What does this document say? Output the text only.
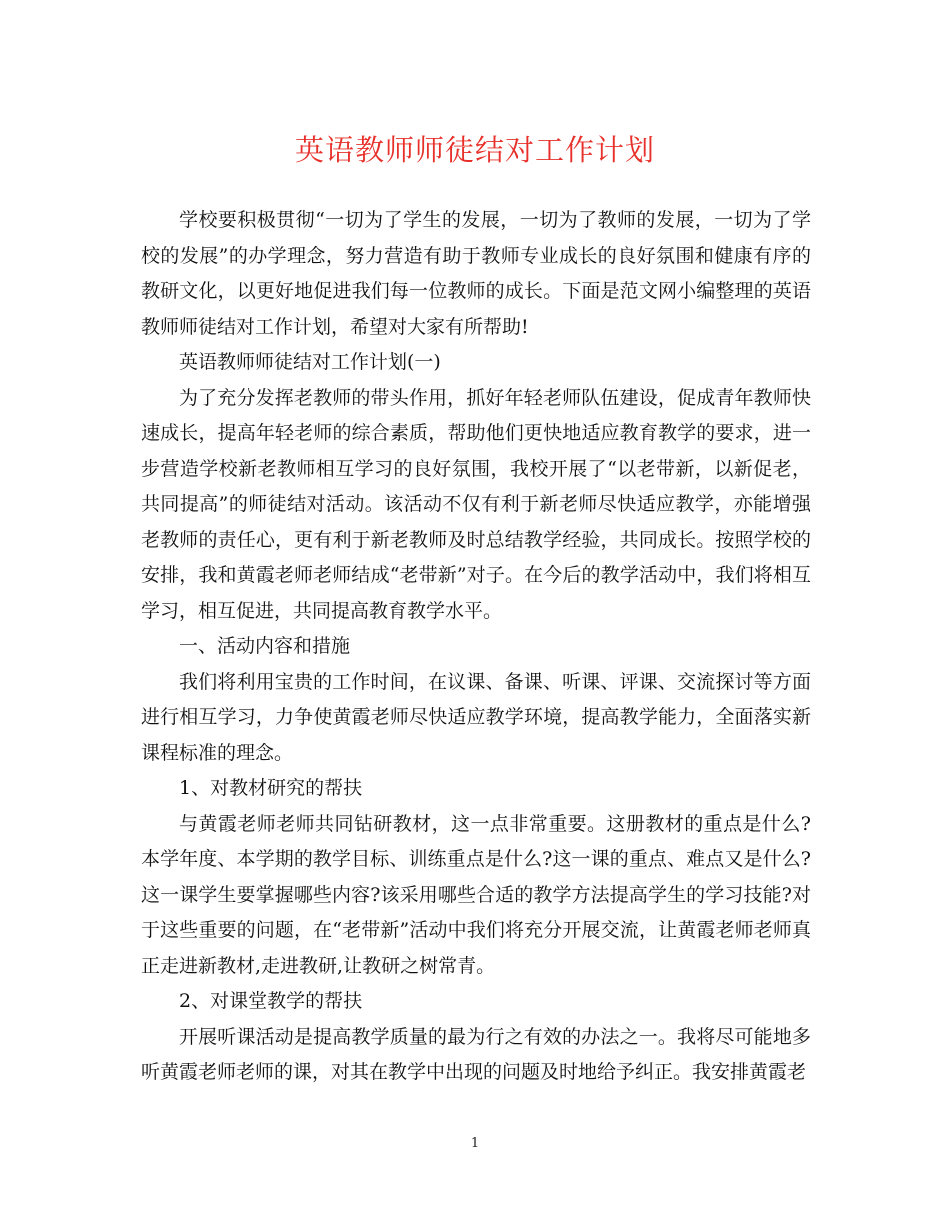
英语教师师徒结对工作计划

学校要积极贯彻“一切为了学生的发展，一切为了教师的发展，一切为了学校的发展”的办学理念，努力营造有助于教师专业成长的良好氛围和健康有序的教研文化，以更好地促进我们每一位教师的成长。下面是范文网小编整理的英语教师师徒结对工作计划，希望对大家有所帮助!

英语教师师徒结对工作计划(一)

为了充分发挥老教师的带头作用，抓好年轻老师队伍建设，促成青年教师快速成长，提高年轻老师的综合素质，帮助他们更快地适应教育教学的要求，进一步营造学校新老教师相互学习的良好氛围，我校开展了“以老带新，以新促老，共同提高”的师徒结对活动。该活动不仅有利于新老师尽快适应教学，亦能增强老教师的责任心，更有利于新老教师及时总结教学经验，共同成长。按照学校的安排，我和黄霞老师老师结成“老带新”对子。在今后的教学活动中，我们将相互学习，相互促进，共同提高教育教学水平。

一、活动内容和措施

我们将利用宝贵的工作时间，在议课、备课、听课、评课、交流探讨等方面进行相互学习，力争使黄霞老师尽快适应教学环境，提高教学能力，全面落实新课程标准的理念。

1、对教材研究的帮扶

与黄霞老师老师共同钻研教材，这一点非常重要。这册教材的重点是什么?本学年度、本学期的教学目标、训练重点是什么?这一课的重点、难点又是什么?这一课学生要掌握哪些内容?该采用哪些合适的教学方法提高学生的学习技能?对于这些重要的问题，在“老带新”活动中我们将充分开展交流，让黄霞老师老师真正走进新教材,走进教研,让教研之树常青。

2、对课堂教学的帮扶

开展听课活动是提高教学质量的最为行之有效的办法之一。我将尽可能地多听黄霞老师老师的课，对其在教学中出现的问题及时地给予纠正。我安排黄霞老

1
